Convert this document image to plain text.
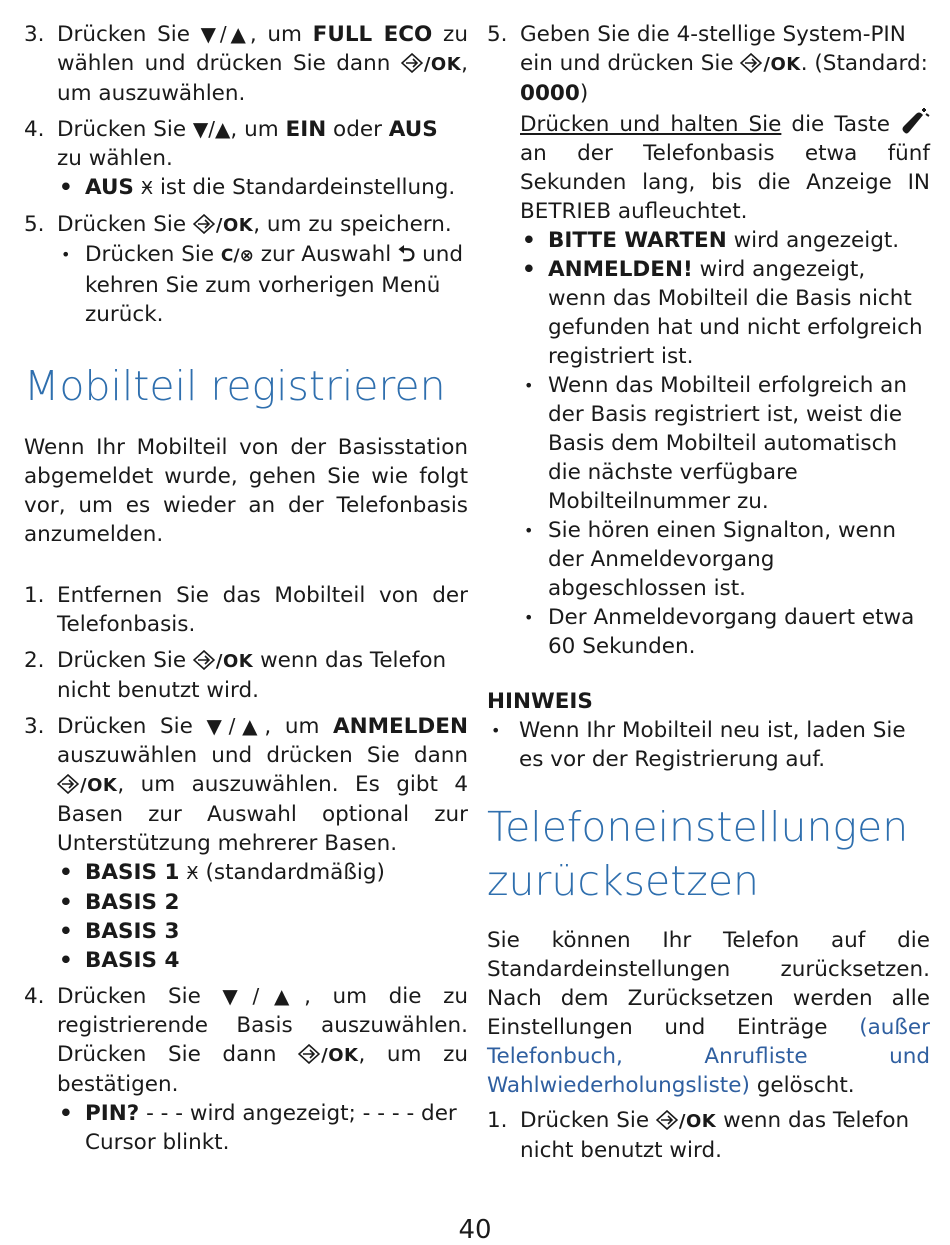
3. Drücken Sie ▼/▲, um FULL ECO zu wählen und drücken Sie dann /OK, um auszuwählen.
4. Drücken Sie ▼/▲, um EIN oder AUS zu wählen.
• AUS Ӿ ist die Standardeinstellung.
5. Drücken Sie /OK, um zu speichern.
• Drücken Sie C/⊗ zur Auswahl ⮌ und kehren Sie zum vorherigen Menü zurück.
Mobilteil registrieren

Wenn Ihr Mobilteil von der Basisstation abgemeldet wurde, gehen Sie wie folgt vor, um es wieder an der Telefonbasis anzumelden.

1. Entfernen Sie das Mobilteil von der Telefonbasis.
2. Drücken Sie /OK wenn das Telefon nicht benutzt wird.
3. Drücken Sie ▼/▲, um ANMELDEN auszuwählen und drücken Sie dann /OK, um auszuwählen. Es gibt 4 Basen zur Auswahl optional zur Unterstützung mehrerer Basen.
• BASIS 1 Ӿ (standardmäßig)
• BASIS 2
• BASIS 3
• BASIS 4
4. Drücken Sie ▼/▲, um die zu registrierende Basis auszuwählen. Drücken Sie dann /OK, um zu bestätigen.
• PIN? - - - wird angezeigt; - - - - der Cursor blinkt.
5. Geben Sie die 4-stellige System-PIN ein und drücken Sie /OK. (Standard: 0000)
Drücken und halten Sie die Taste  an der Telefonbasis etwa fünf Sekunden lang, bis die Anzeige IN BETRIEB aufleuchtet.
• BITTE WARTEN wird angezeigt.
• ANMELDEN! wird angezeigt, wenn das Mobilteil die Basis nicht gefunden hat und nicht erfolgreich registriert ist.
• Wenn das Mobilteil erfolgreich an der Basis registriert ist, weist die Basis dem Mobilteil automatisch die nächste verfügbare Mobilteilnummer zu.
• Sie hören einen Signalton, wenn der Anmeldevorgang abgeschlossen ist.
• Der Anmeldevorgang dauert etwa 60 Sekunden.
HINWEIS
• Wenn Ihr Mobilteil neu ist, laden Sie es vor der Registrierung auf.
Telefoneinstellungen
zurücksetzen

Sie können Ihr Telefon auf die Standardeinstellungen zurücksetzen. Nach dem Zurücksetzen werden alle Einstellungen und Einträge (außer Telefonbuch, Anrufliste und Wahlwiederholungsliste) gelöscht.

1. Drücken Sie /OK wenn das Telefon nicht benutzt wird.
40
